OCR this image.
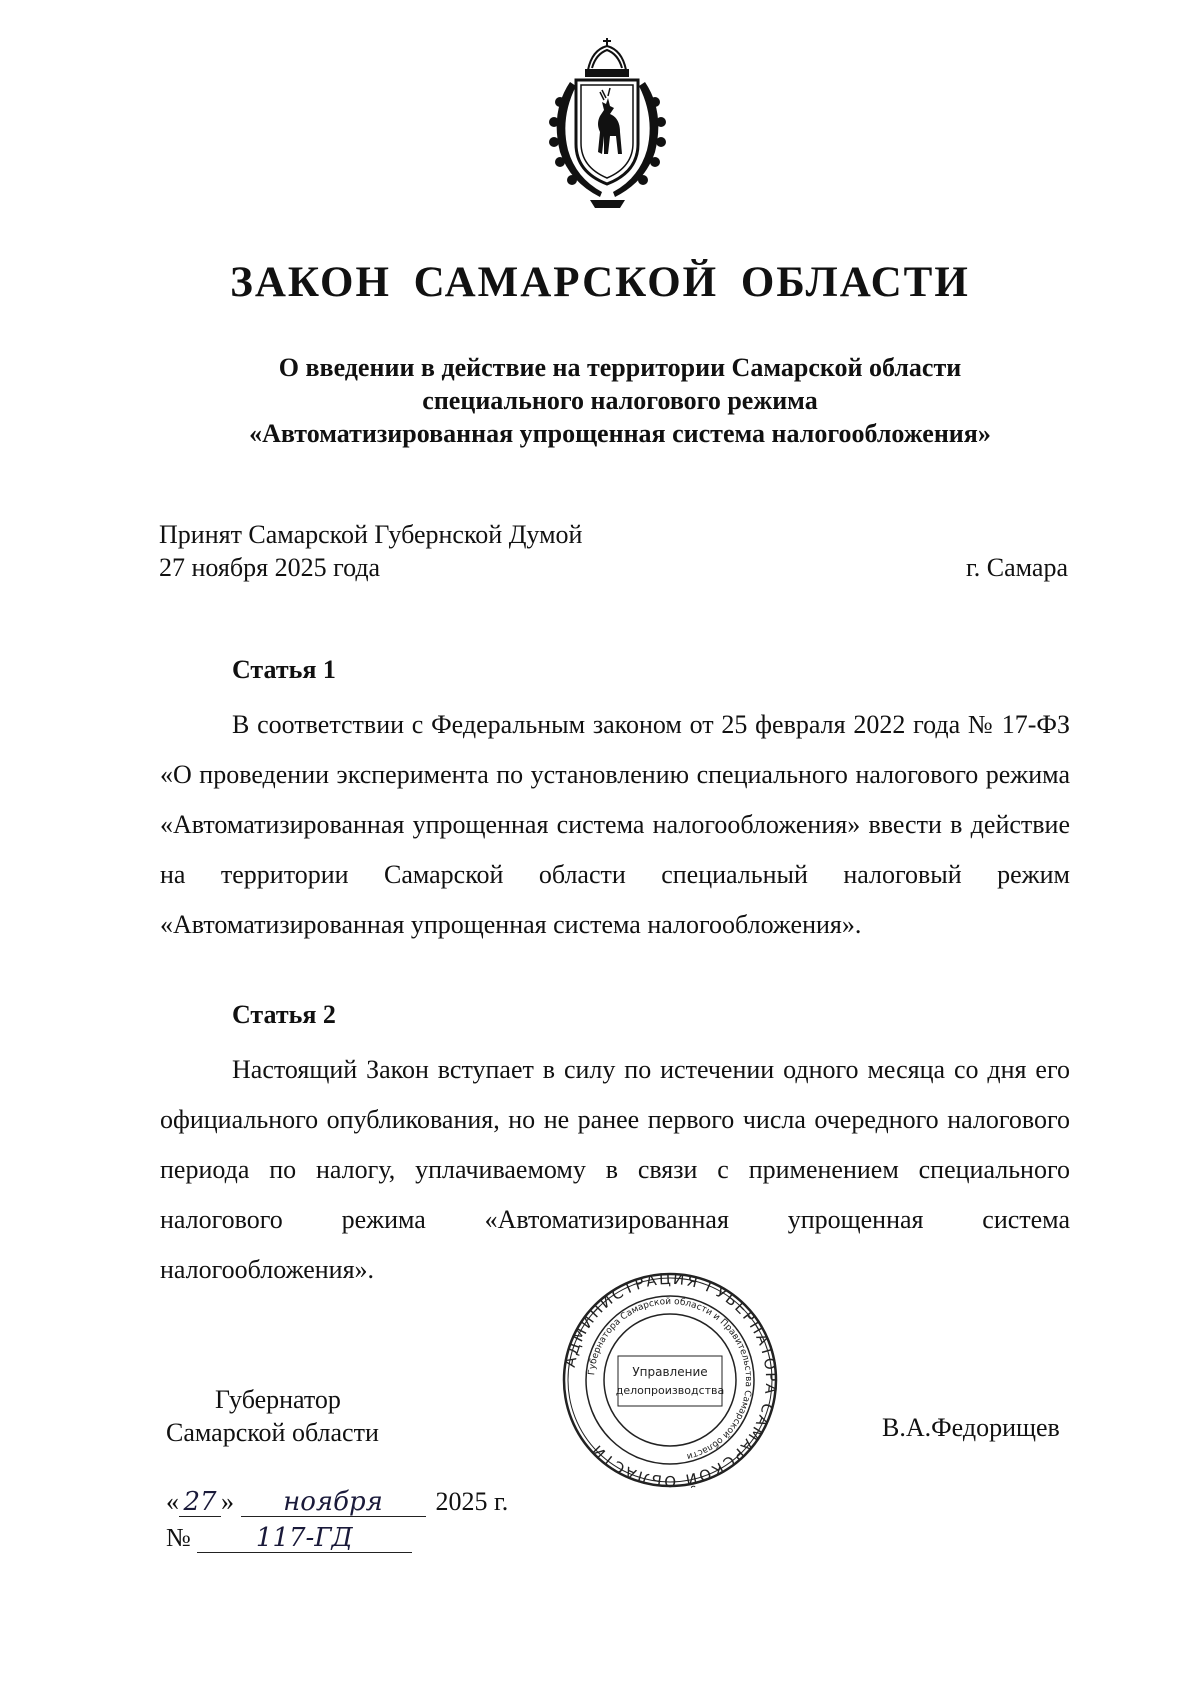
ЗАКОН САМАРСКОЙ ОБЛАСТИ
О введении в действие на территории Самарской области
специального налогового режима
«Автоматизированная упрощенная система налогообложения»
Принят Самарской Губернской Думой
27 ноября 2025 года	г. Самара
Статья 1

В соответствии с Федеральным законом от 25 февраля 2022 года № 17-ФЗ «О проведении эксперимента по установлению специального налогового режима «Автоматизированная упрощенная система налогообложения» ввести в действие на территории Самарской области специальный налоговый режим «Автоматизированная упрощенная система налогообложения».

Статья 2

Настоящий Закон вступает в силу по истечении одного месяца со дня его официального опубликования, но не ранее первого числа очередного налогового периода по налогу, уплачиваемому в связи с применением специального налогового режима «Автоматизированная упрощенная система налогообложения».

АДМИНИСТРАЦИЯ ГУБЕРНАТОРА САМАРСКОЙ ОБЛАСТИ
Губернатора Самарской области и Правительства Самарской области
Управление
делопроизводства
Губернатор
Самарской области	В.А.Федорищев
« 27 » ноября 2025 г.
№	117-ГД
